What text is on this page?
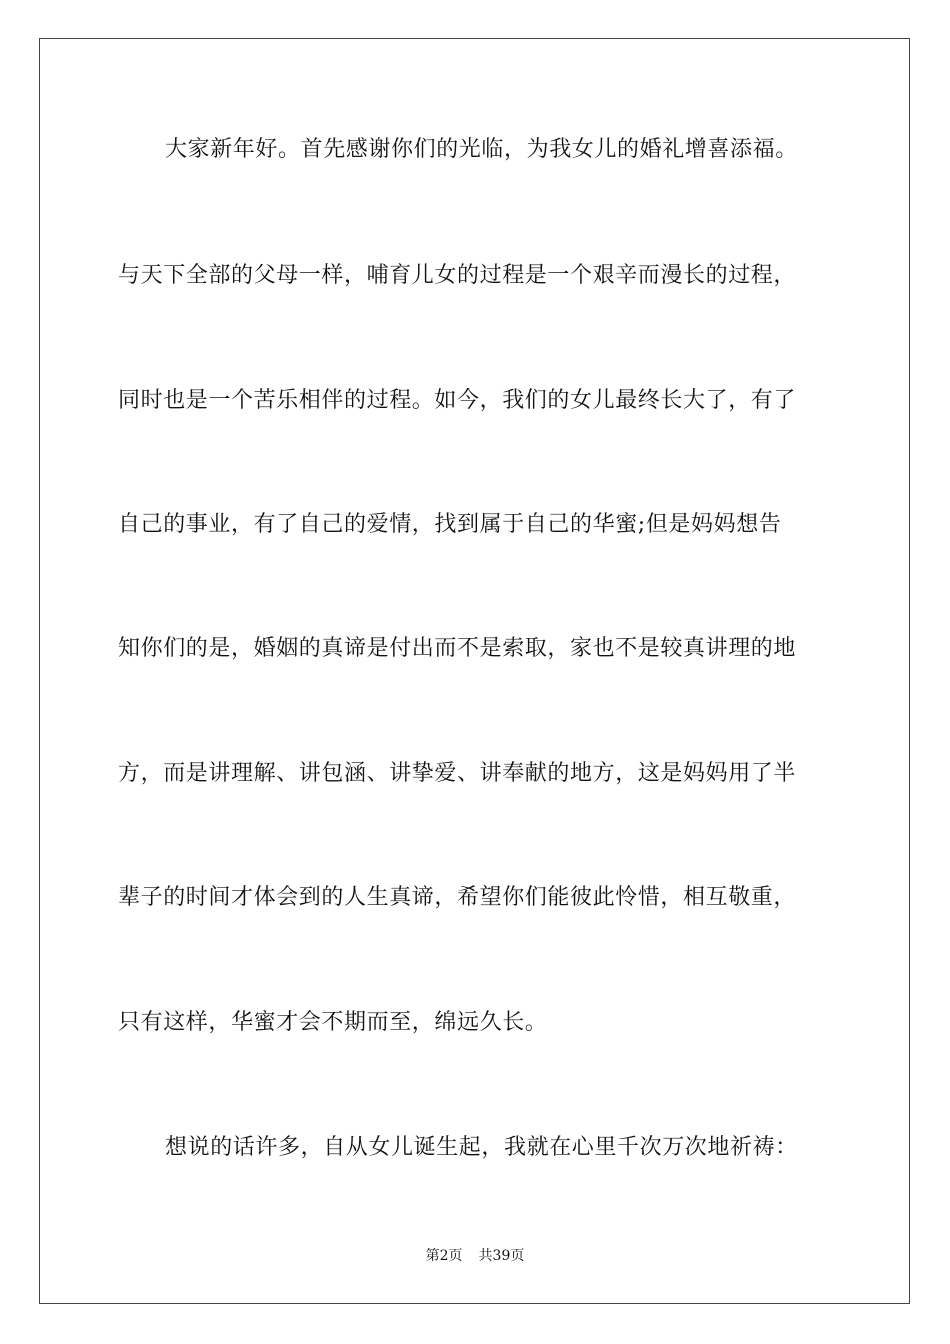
大家新年好。首先感谢你们的光临，为我女儿的婚礼增喜添福。
与天下全部的父母一样，哺育儿女的过程是一个艰辛而漫长的过程，
同时也是一个苦乐相伴的过程。如今，我们的女儿最终长大了，有了
自己的事业，有了自己的爱情，找到属于自己的华蜜;但是妈妈想告
知你们的是，婚姻的真谛是付出而不是索取，家也不是较真讲理的地
方，而是讲理解、讲包涵、讲挚爱、讲奉献的地方，这是妈妈用了半
辈子的时间才体会到的人生真谛，希望你们能彼此怜惜，相互敬重，
只有这样，华蜜才会不期而至，绵远久长。
想说的话许多，自从女儿诞生起，我就在心里千次万次地祈祷：
第2页 共39页
